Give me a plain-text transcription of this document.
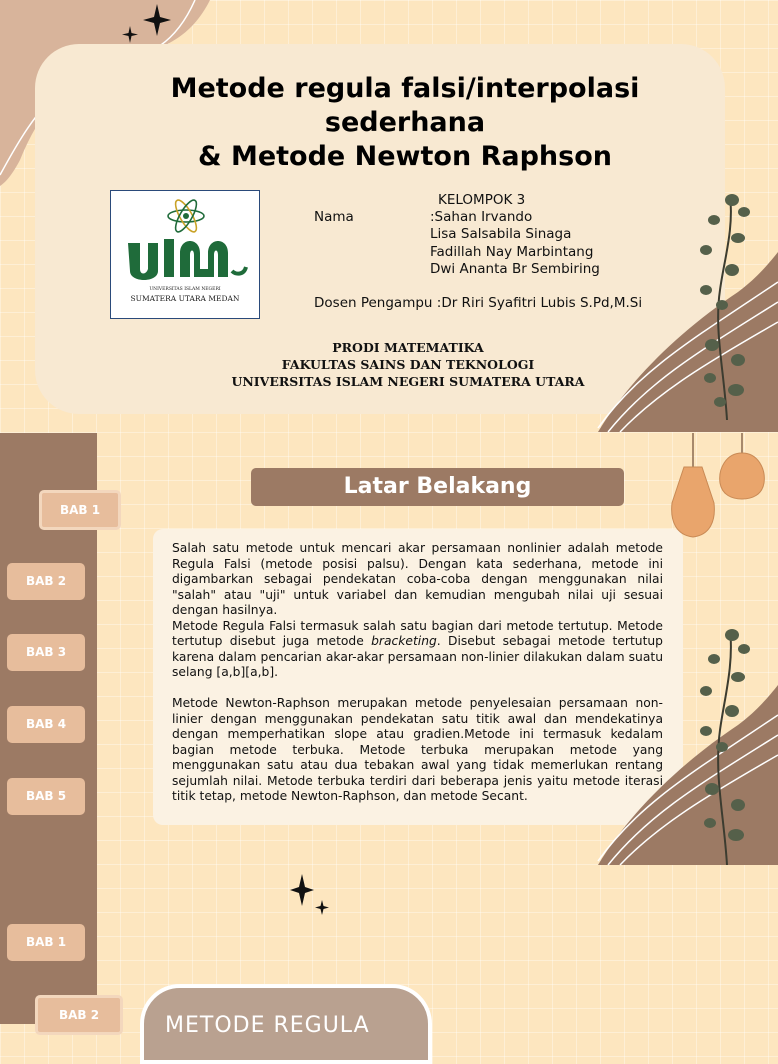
Metode regula falsi/interpolasi
sederhana
& Metode Newton Raphson
UNIVERSITAS ISLAM NEGERI
SUMATERA UTARA MEDAN
KELOMPOK 3
Nama	:Sahan Irvando
Lisa Salsabila Sinaga
Fadillah Nay Marbintang
Dwi Ananta Br Sembiring
Dosen Pengampu :Dr Riri Syafitri Lubis S.Pd,M.Si
PRODI MATEMATIKA
FAKULTAS SAINS DAN TEKNOLOGI
UNIVERSITAS ISLAM NEGERI SUMATERA UTARA
BAB 1
BAB 2
BAB 3
BAB 4
BAB 5
Latar Belakang

Salah satu metode untuk mencari akar persamaan nonlinier adalah metode Regula Falsi (metode posisi palsu). Dengan kata sederhana, metode ini digambarkan sebagai pendekatan coba-coba dengan menggunakan nilai "salah" atau "uji" untuk variabel dan kemudian mengubah nilai uji sesuai dengan hasilnya.

Metode Regula Falsi termasuk salah satu bagian dari metode tertutup. Metode tertutup disebut juga metode bracketing. Disebut sebagai metode tertutup karena dalam pencarian akar-akar persamaan non-linier dilakukan dalam suatu selang [a,b][a,b].

Metode Newton-Raphson merupakan metode penyelesaian persamaan non-linier dengan menggunakan pendekatan satu titik awal dan mendekatinya dengan memperhatikan slope atau gradien.Metode ini termasuk kedalam bagian metode terbuka. Metode terbuka merupakan metode yang menggunakan satu atau dua tebakan awal yang tidak memerlukan rentang sejumlah nilai. Metode terbuka terdiri dari beberapa jenis yaitu metode iterasi titik tetap, metode Newton-Raphson, dan metode Secant.

BAB 1
BAB 2	METODE REGULA
